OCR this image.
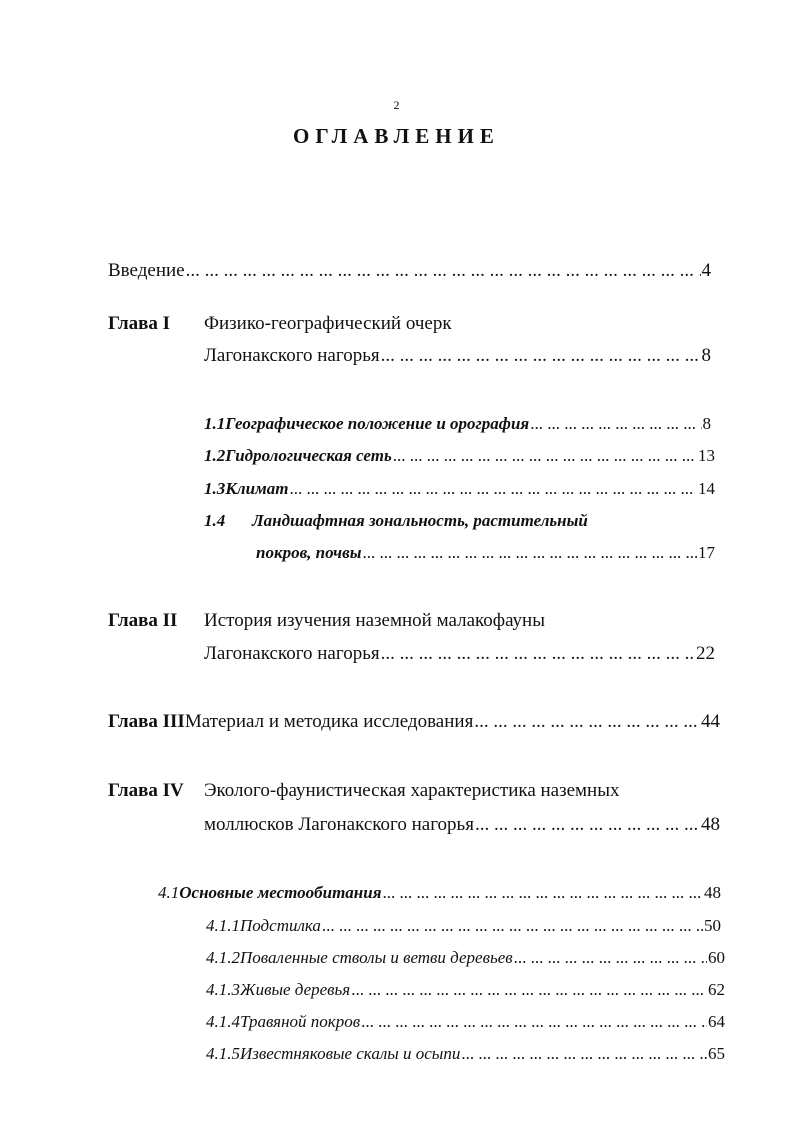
2
ОГЛАВЛЕНИЕ
Введение ... .	4
Глава I Физико-географический очерк
Лагонакского нагорья ... .	8
1.1 Географическое положение и орография ... .	8
1.2 Гидрологическая сеть ... .	13
1.3 Климат ... .	14
1.4 Ландшафтная зональность, растительный
покров, почвы ... .	17
Глава II История изучения наземной малакофауны
Лагонакского нагорья ... .	22
Глава III Материал и методика исследования ... .	44
Глава IV Эколого-фаунистическая характеристика наземных
моллюсков Лагонакского нагорья ... .	48
4.1 Основные местообитания ... .	48
4.1.1 Подстилка ... .	50
4.1.2 Поваленные стволы и ветви деревьев ... .	60
4.1.3 Живые деревья ... .	62
4.1.4 Травяной покров ... .	64
4.1.5 Известняковые скалы и осыпи ... .	65
